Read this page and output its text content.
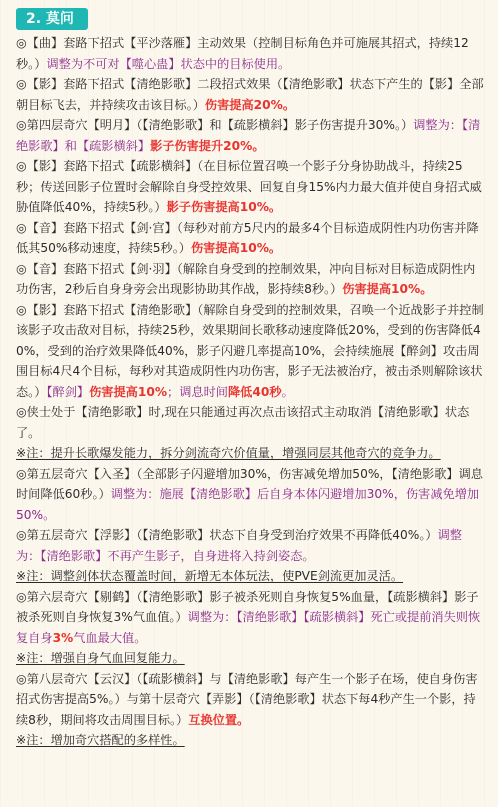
2. 莫问

◎【曲】套路下招式【平沙落雁】主动效果（控制目标角色并可施展其招式，持续12秒。）调整为不可对【噬心蛊】状态中的目标使用。

◎【影】套路下招式【清绝影歌】二段招式效果（【清绝影歌】状态下产生的【影】全部朝目标飞去，并持续攻击该目标。）伤害提高20%。

◎第四层奇穴【明月】（【清绝影歌】和【疏影横斜】影子伤害提升30%。）调整为：【清绝影歌】和【疏影横斜】影子伤害提升20%。

◎【影】套路下招式【疏影横斜】（在目标位置召唤一个影子分身协助战斗，持续25秒；传送回影子位置时会解除自身受控效果、回复自身15%内力最大值并使自身招式威胁值降低40%，持续5秒。）影子伤害提高10%。

◎【音】套路下招式【剑·宫】（每秒对前方5尺内的最多4个目标造成阴性内功伤害并降低其50%移动速度，持续5秒。）伤害提高10%。

◎【音】套路下招式【剑·羽】（解除自身受到的控制效果，冲向目标对目标造成阴性内功伤害，2秒后自身身旁会出现影协助其作战，影持续8秒。）伤害提高10%。

◎【影】套路下招式【清绝影歌】（解除自身受到的控制效果，召唤一个近战影子并控制该影子攻击敌对目标，持续25秒，效果期间长歌移动速度降低20%，受到的伤害降低40%，受到的治疗效果降低40%，影子闪避几率提高10%，会持续施展【醉剑】攻击周围目标4尺4个目标，每秒对其造成阴性内功伤害，影子无法被治疗，被击杀则解除该状态。）【醉剑】伤害提高10%；调息时间降低40秒。

◎侠士处于【清绝影歌】时,现在只能通过再次点击该招式主动取消【清绝影歌】状态了。

※注：提升长歌爆发能力，拆分剑流奇穴价值量，增强同层其他奇穴的竞争力。

◎第五层奇穴【入圣】（全部影子闪避增加30%，伤害减免增加50%，【清绝影歌】调息时间降低60秒。）调整为：施展【清绝影歌】后自身本体闪避增加30%，伤害减免增加50%。

◎第五层奇穴【浮影】（【清绝影歌】状态下自身受到治疗效果不再降低40%。）调整为：【清绝影歌】不再产生影子，自身进将入持剑姿态。

※注：调整剑体状态覆盖时间，新增无本体玩法，使PVE剑流更加灵活。

◎第六层奇穴【剔鹤】（【清绝影歌】影子被杀死则自身恢复5%血量，【疏影横斜】影子被杀死则自身恢复3%气血值。）调整为：【清绝影歌】【疏影横斜】死亡或提前消失则恢复自身3%气血最大值。

※注：增强自身气血回复能力。

◎第八层奇穴【云汉】（【疏影横斜】与【清绝影歌】每产生一个影子在场，使自身伤害招式伤害提高5%。）与第十层奇穴【弄影】（【清绝影歌】状态下每4秒产生一个影，持续8秒，期间将攻击周围目标。）互换位置。

※注：增加奇穴搭配的多样性。
